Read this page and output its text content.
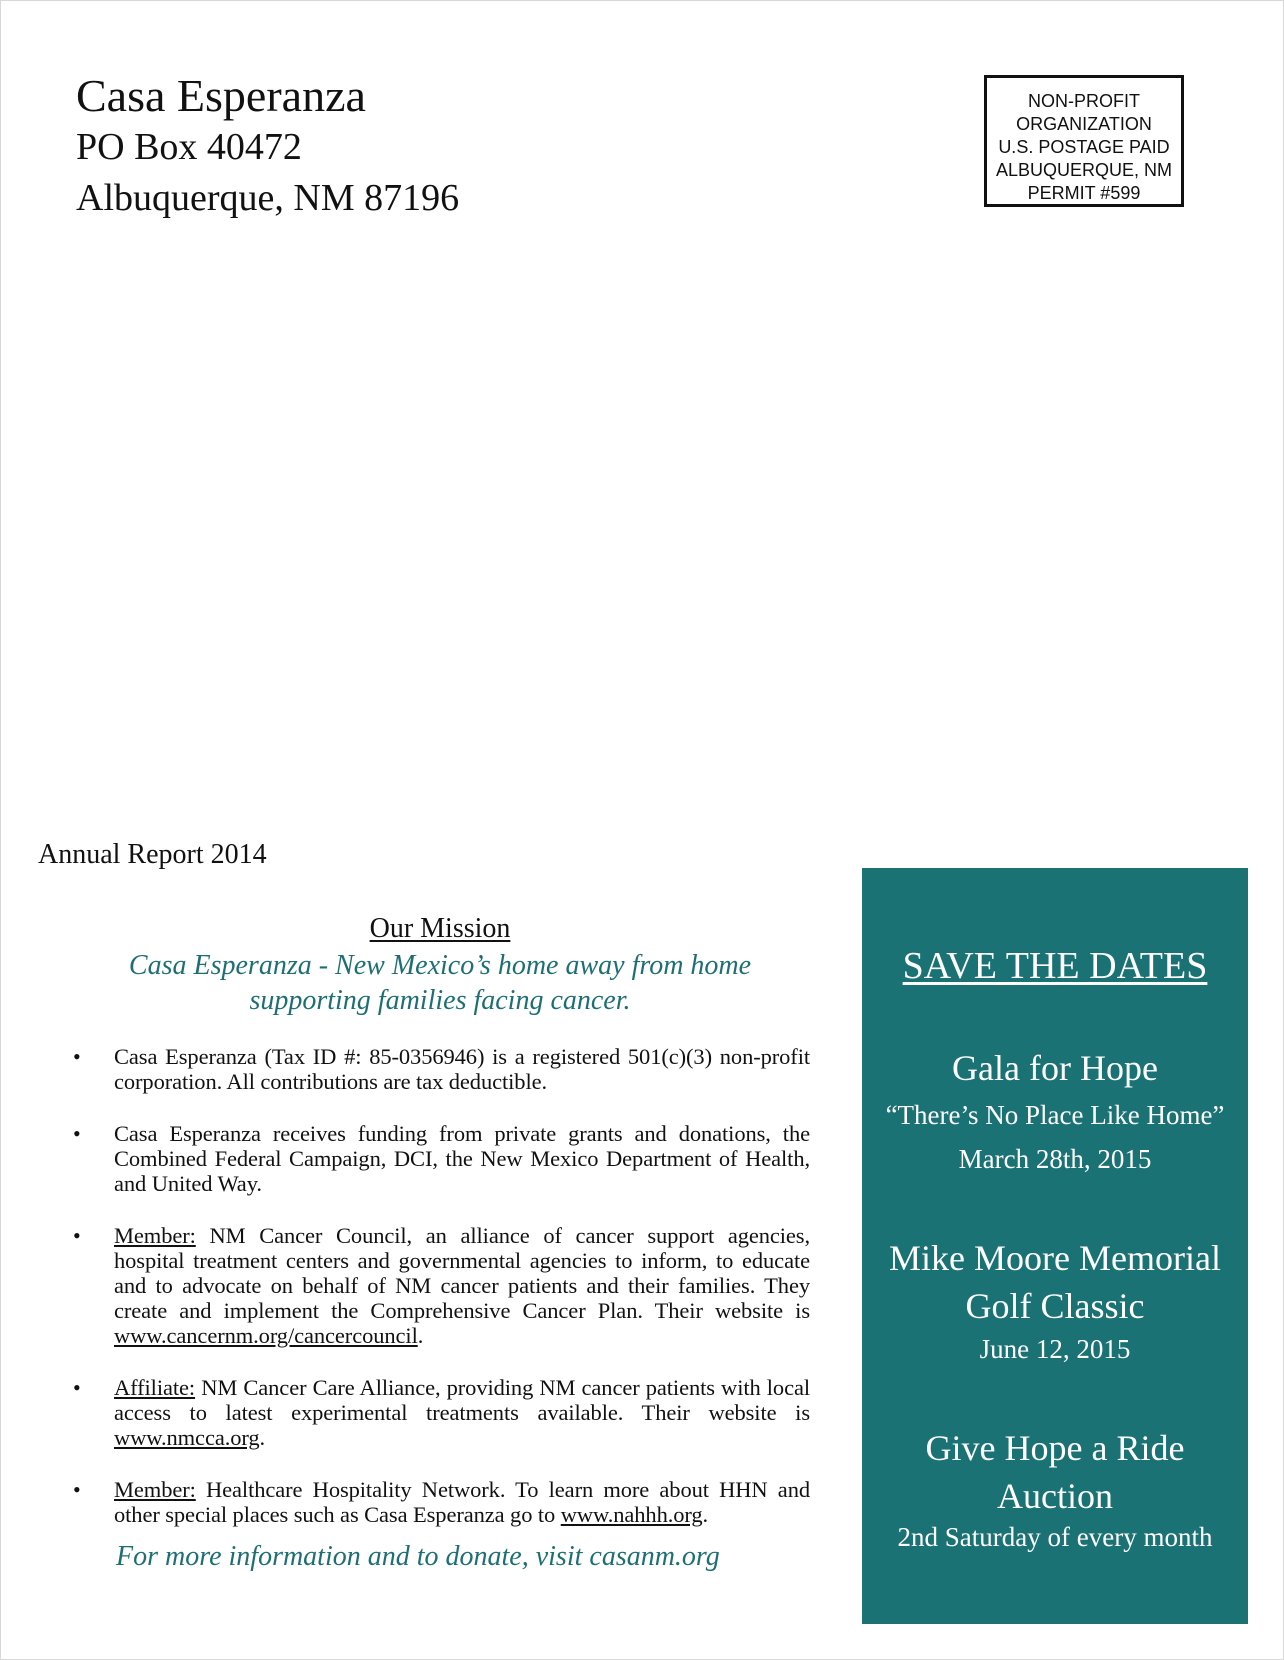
Casa Esperanza
PO Box 40472
Albuquerque, NM 87196
NON-PROFIT
ORGANIZATION
U.S. POSTAGE PAID
ALBUQUERQUE, NM
PERMIT #599
Annual Report 2014
Our Mission
Casa Esperanza - New Mexico’s home away from home
supporting families facing cancer.
• Casa Esperanza (Tax ID #: 85-0356946) is a registered 501(c)(3) non-profit corporation. All contributions are tax deductible.
• Casa Esperanza receives funding from private grants and donations, the Combined Federal Campaign, DCI, the New Mexico Department of Health, and United Way.
• Member: NM Cancer Council, an alliance of cancer support agencies, hospital treatment centers and governmental agencies to inform, to educate and to advocate on behalf of NM cancer patients and their families. They create and implement the Comprehensive Cancer Plan. Their website is www.cancernm.org/cancercouncil.
• Affiliate: NM Cancer Care Alliance, providing NM cancer patients with local access to latest experimental treatments available. Their website is www.nmcca.org.
• Member: Healthcare Hospitality Network. To learn more about HHN and other special places such as Casa Esperanza go to www.nahhh.org.
For more information and to donate, visit casanm.org
SAVE THE DATES
Gala for Hope
“There’s No Place Like Home”
March 28th, 2015
Mike Moore Memorial
Golf Classic
June 12, 2015
Give Hope a Ride
Auction
2nd Saturday of every month
